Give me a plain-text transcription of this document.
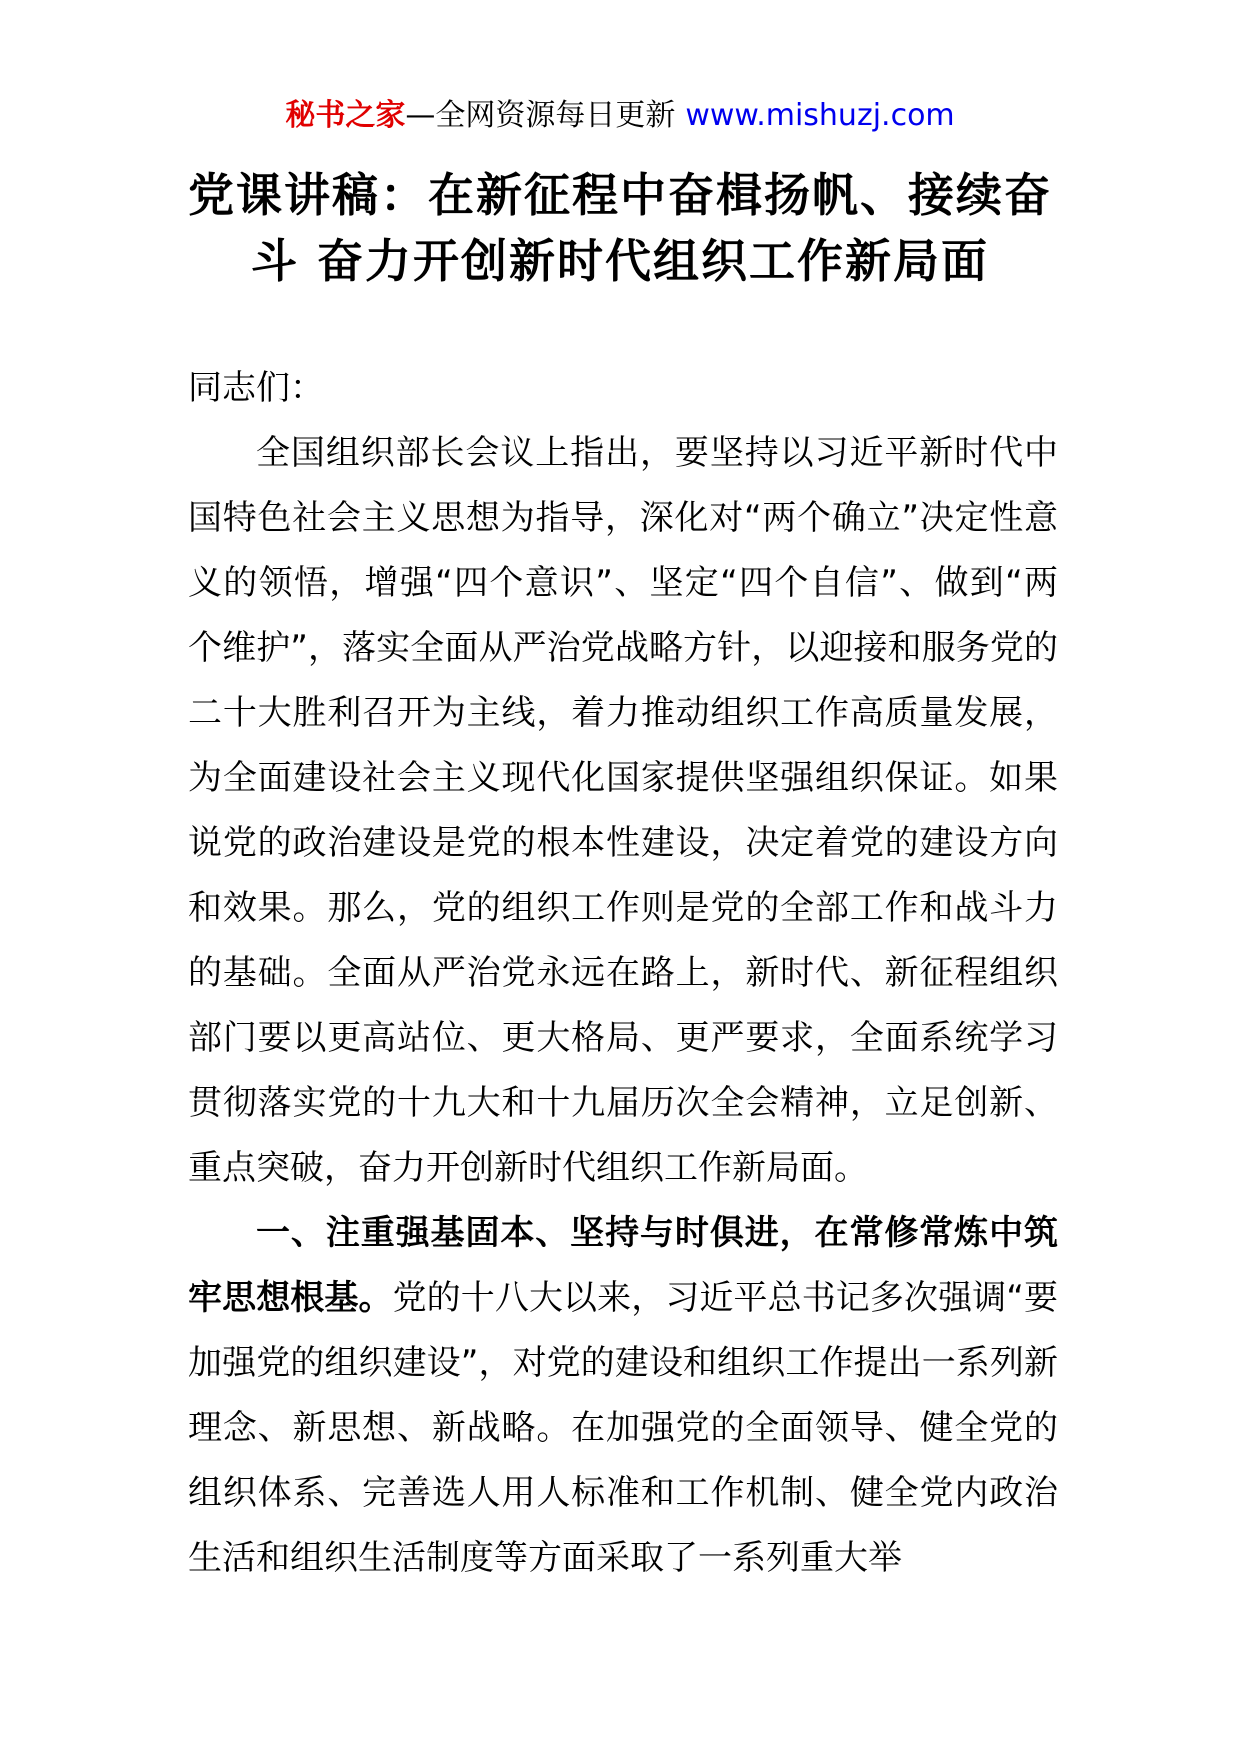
秘书之家—全网资源每日更新 www.mishuzj.com
党课讲稿：在新征程中奋楫扬帆、接续奋斗 奋力开创新时代组织工作新局面

同志们：

全国组织部长会议上指出，要坚持以习近平新时代中国特色社会主义思想为指导，深化对“两个确立”决定性意义的领悟，增强“四个意识”、坚定“四个自信”、做到“两个维护”，落实全面从严治党战略方针，以迎接和服务党的二十大胜利召开为主线，着力推动组织工作高质量发展，为全面建设社会主义现代化国家提供坚强组织保证。如果说党的政治建设是党的根本性建设，决定着党的建设方向和效果。那么，党的组织工作则是党的全部工作和战斗力的基础。全面从严治党永远在路上，新时代、新征程组织部门要以更高站位、更大格局、更严要求，全面系统学习贯彻落实党的十九大和十九届历次全会精神，立足创新、重点突破，奋力开创新时代组织工作新局面。

一、注重强基固本、坚持与时俱进，在常修常炼中筑牢思想根基。党的十八大以来，习近平总书记多次强调“要加强党的组织建设”，对党的建设和组织工作提出一系列新理念、新思想、新战略。在加强党的全面领导、健全党的组织体系、完善选人用人标准和工作机制、健全党内政治生活和组织生活制度等方面采取了一系列重大举
